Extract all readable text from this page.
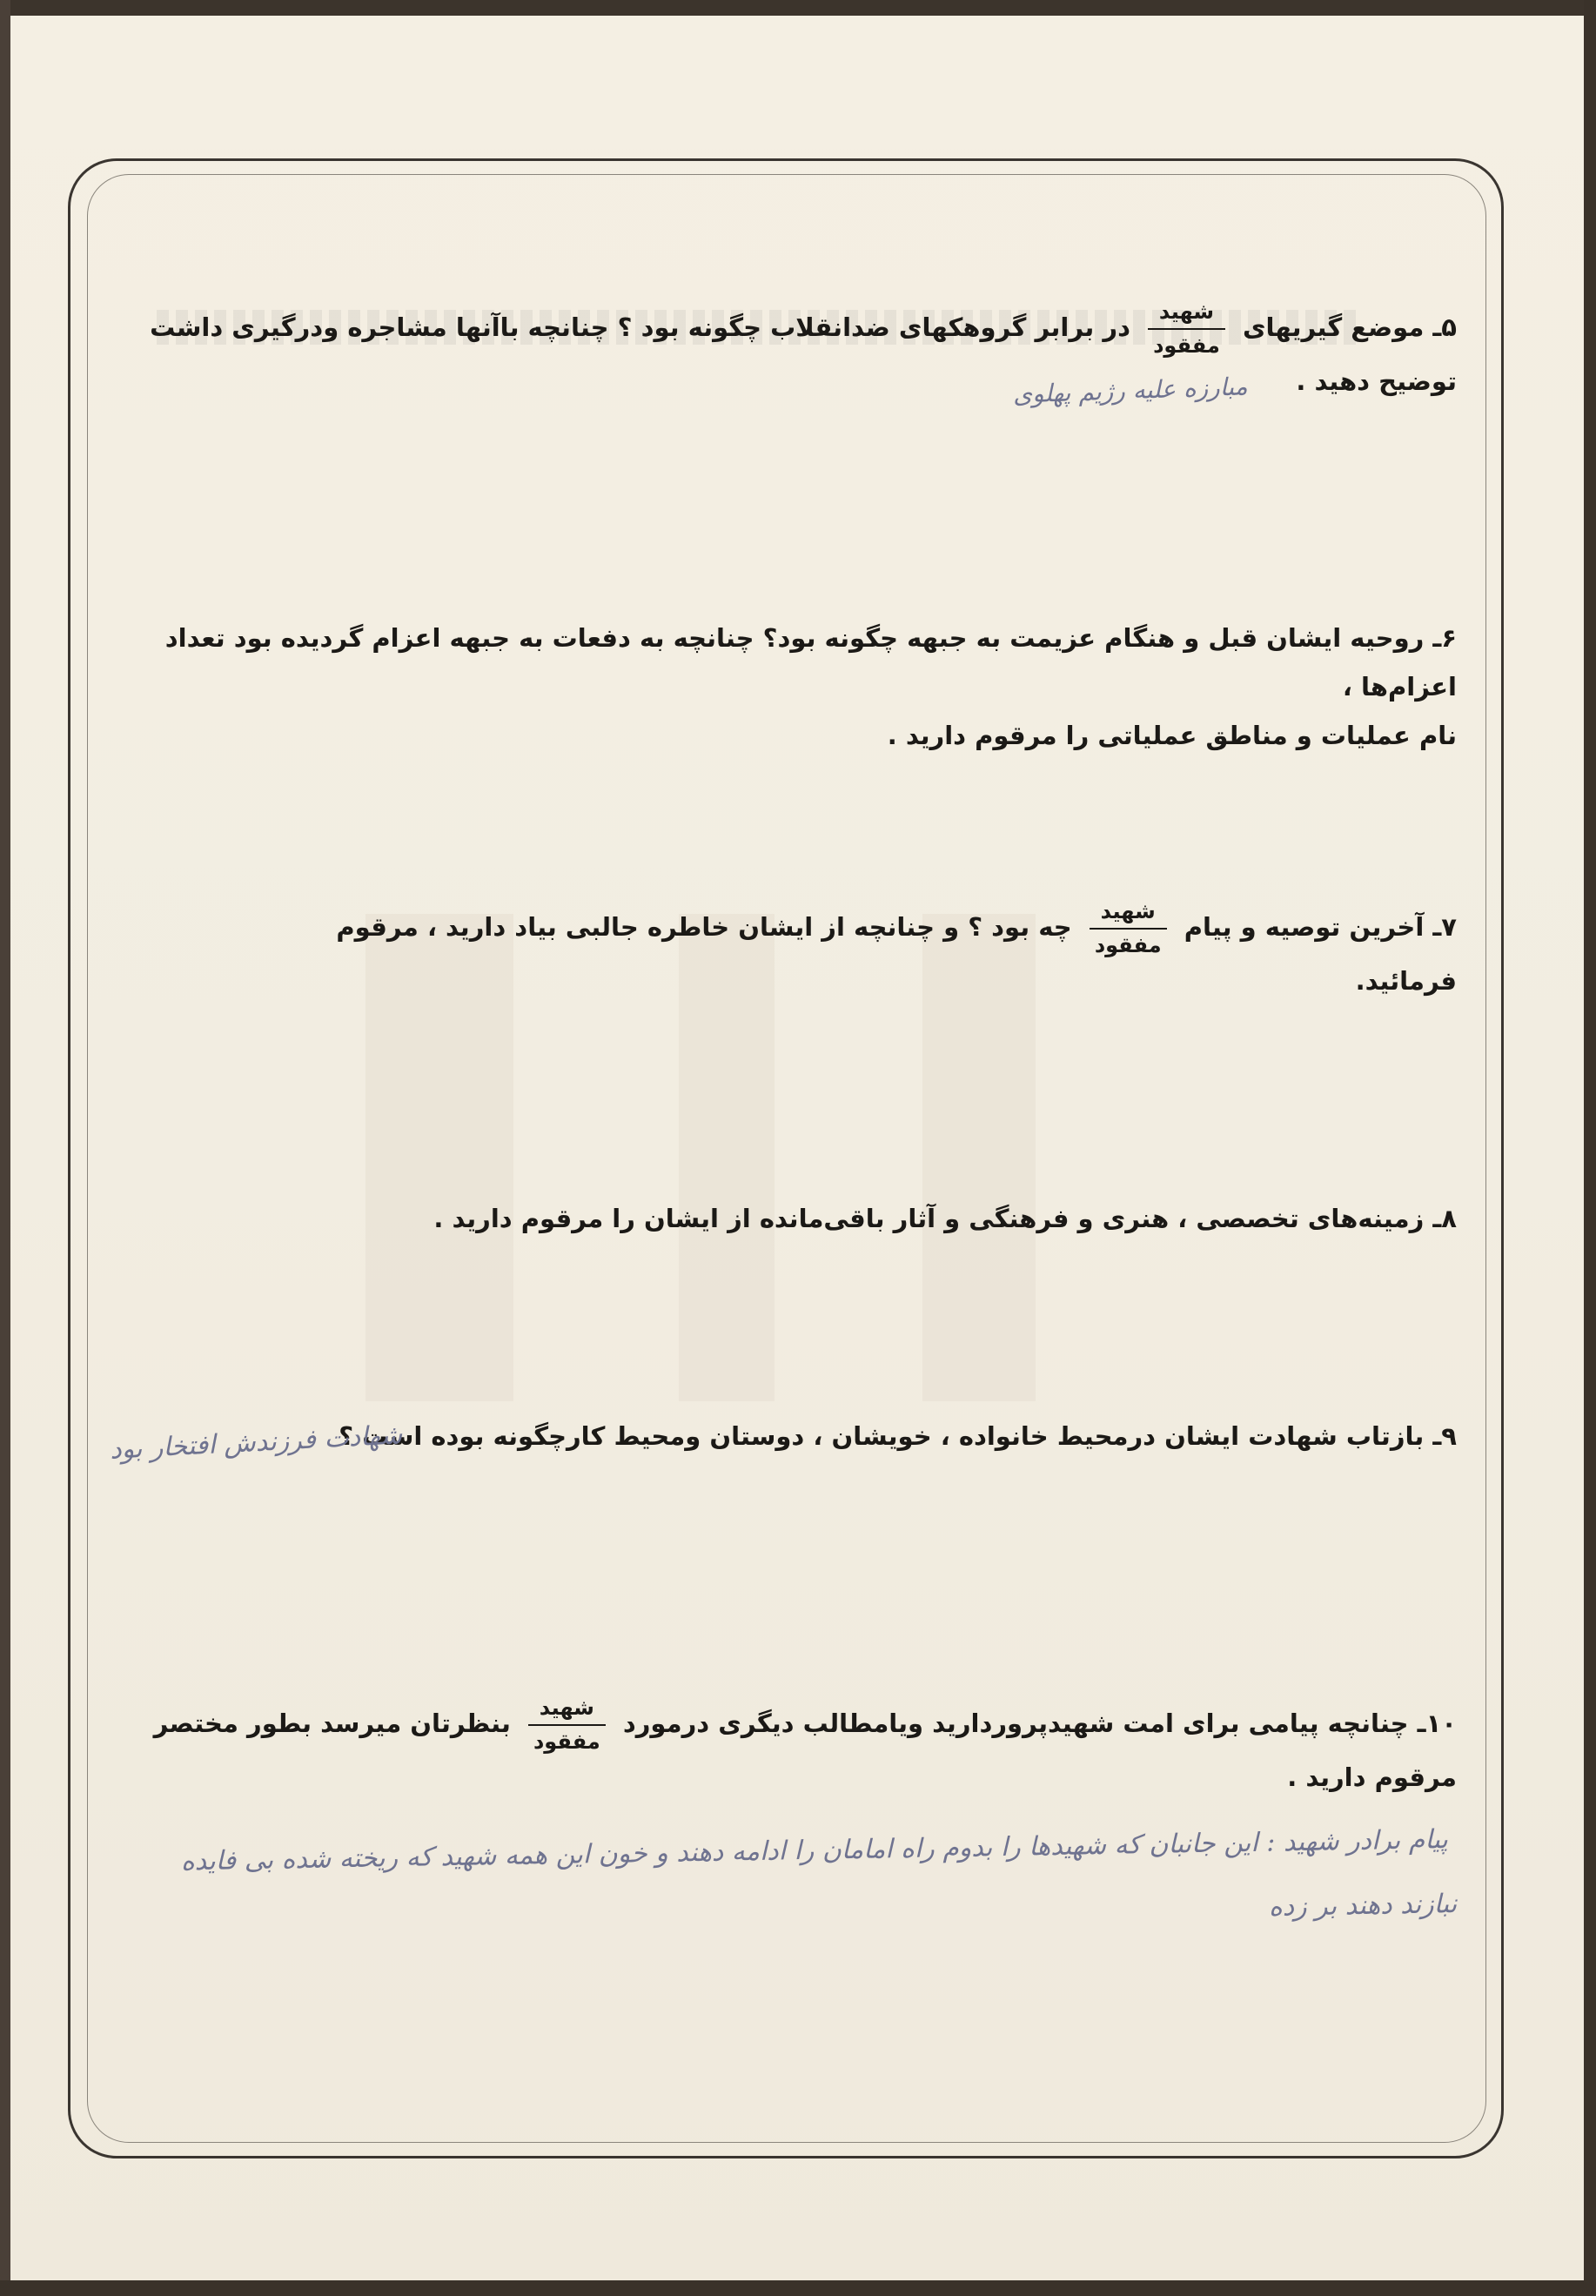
۵ـ موضع گیریهای
$\frac{\text{شهید}}{\text{مفقود}}$
در برابر گروهکهای ضدانقلاب چگونه بود ؟ چنانچه باآنها مشاجره ودرگیری داشت
توضیح دهید .
مبارزه علیه رژیم پهلوی
۶ـ روحیه ایشان قبل و هنگام عزیمت به جبهه چگونه بود؟ چنانچه به دفعات به جبهه اعزام گردیده بود تعداد اعزام‌ها ،
نام عملیات و مناطق عملیاتی را مرقوم دارید .
۷ـ آخرین توصیه و پیام
$\frac{\text{شهید}}{\text{مفقود}}$
چه بود ؟ و چنانچه از ایشان خاطره جالبی بیاد دارید ، مرقوم فرمائید.
۸ـ زمینه‌های تخصصی ، هنری و فرهنگی و آثار باقی‌مانده از ایشان را مرقوم دارید .
۹ـ بازتاب شهادت ایشان درمحیط خانواده ، خویشان ، دوستان ومحیط کارچگونه بوده است ؟
شهادت فرزندش افتخار بود
۱۰ـ چنانچه پیامی برای امت شهیدپروردارید ویامطالب دیگری درمورد
$\frac{\text{شهید}}{\text{مفقود}}$
بنظرتان میرسد بطور مختصر
مرقوم دارید .
پیام برادر شهید : این جانبان که شهیدها را بدوم راه امامان را ادامه دهند و خون این همه شهید که ریخته شده بی فایده
نبازند دهند بر زده
